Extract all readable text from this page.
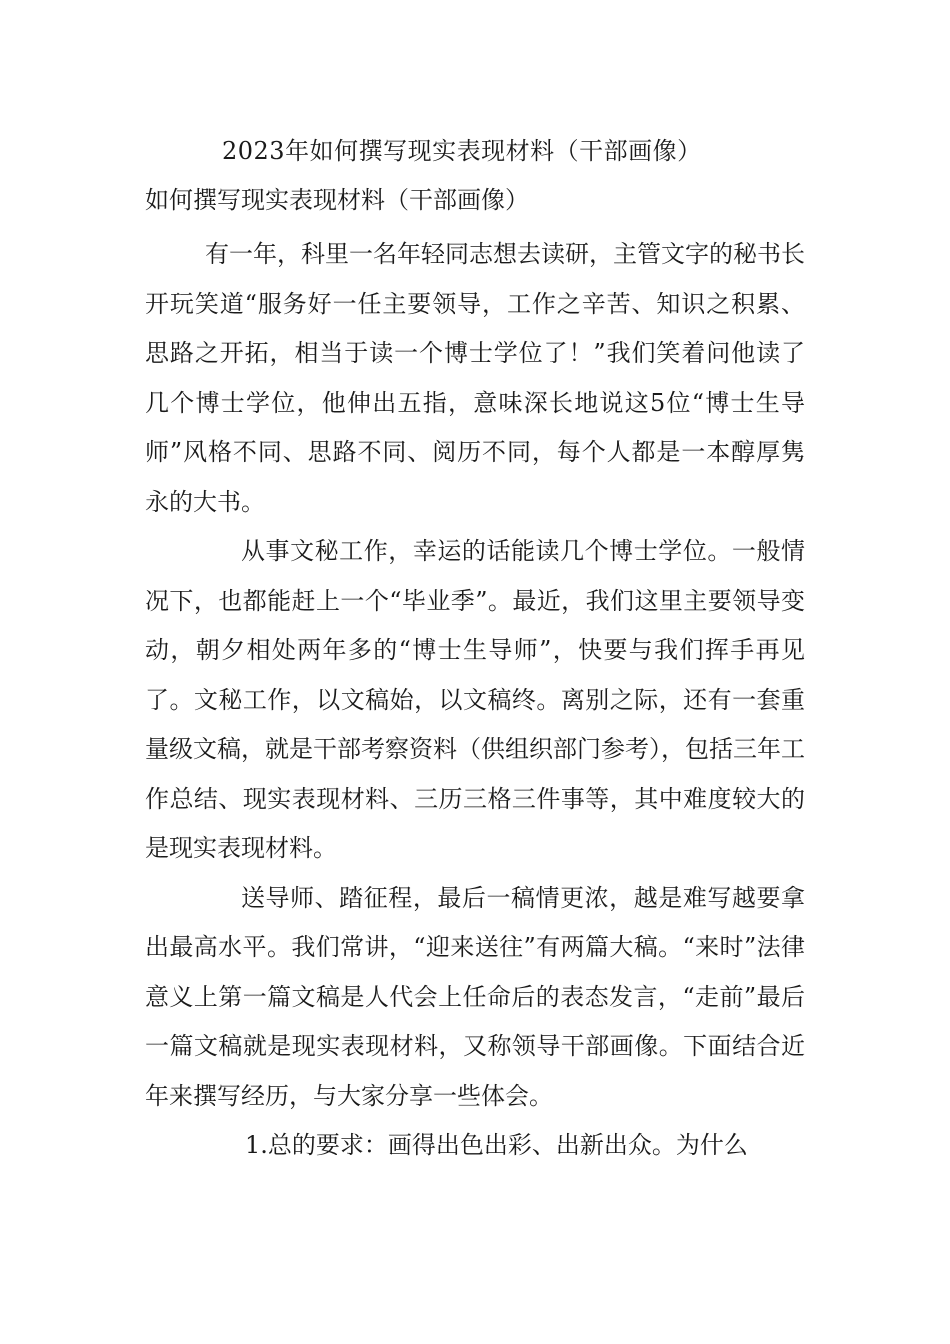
2023年如何撰写现实表现材料（干部画像）
如何撰写现实表现材料（干部画像）

有一年，科里一名年轻同志想去读研，主管文字的秘书长开玩笑道“服务好一任主要领导，工作之辛苦、知识之积累、思路之开拓，相当于读一个博士学位了！”我们笑着问他读了几个博士学位，他伸出五指，意味深长地说这5位“博士生导师”风格不同、思路不同、阅历不同，每个人都是一本醇厚隽永的大书。

从事文秘工作，幸运的话能读几个博士学位。一般情况下，也都能赶上一个“毕业季”。最近，我们这里主要领导变动，朝夕相处两年多的“博士生导师”，快要与我们挥手再见了。文秘工作，以文稿始，以文稿终。离别之际，还有一套重量级文稿，就是干部考察资料（供组织部门参考），包括三年工作总结、现实表现材料、三历三格三件事等，其中难度较大的是现实表现材料。

送导师、踏征程，最后一稿情更浓，越是难写越要拿出最高水平。我们常讲，“迎来送往”有两篇大稿。“来时”法律意义上第一篇文稿是人代会上任命后的表态发言，“走前”最后一篇文稿就是现实表现材料，又称领导干部画像。下面结合近年来撰写经历，与大家分享一些体会。

1.总的要求：画得出色出彩、出新出众。为什么
